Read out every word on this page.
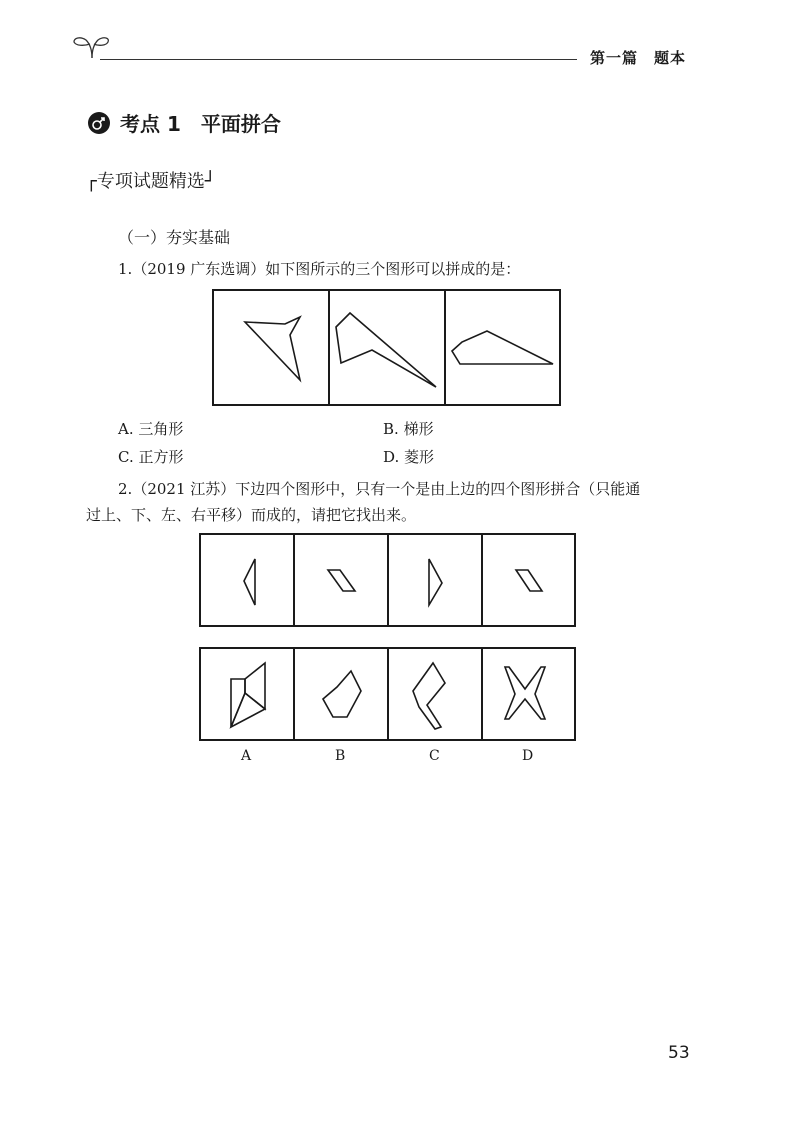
第一篇　题本
考点 1　平面拼合
┌专项试题精选┘
（一）夯实基础
1.（2019 广东选调）如下图所示的三个图形可以拼成的是：
A. 三角形	B. 梯形
C. 正方形	D. 菱形
2.（2021 江苏）下边四个图形中，只有一个是由上边的四个图形拼合（只能通
过上、下、左、右平移）而成的，请把它找出来。
A	B	C	D
53
